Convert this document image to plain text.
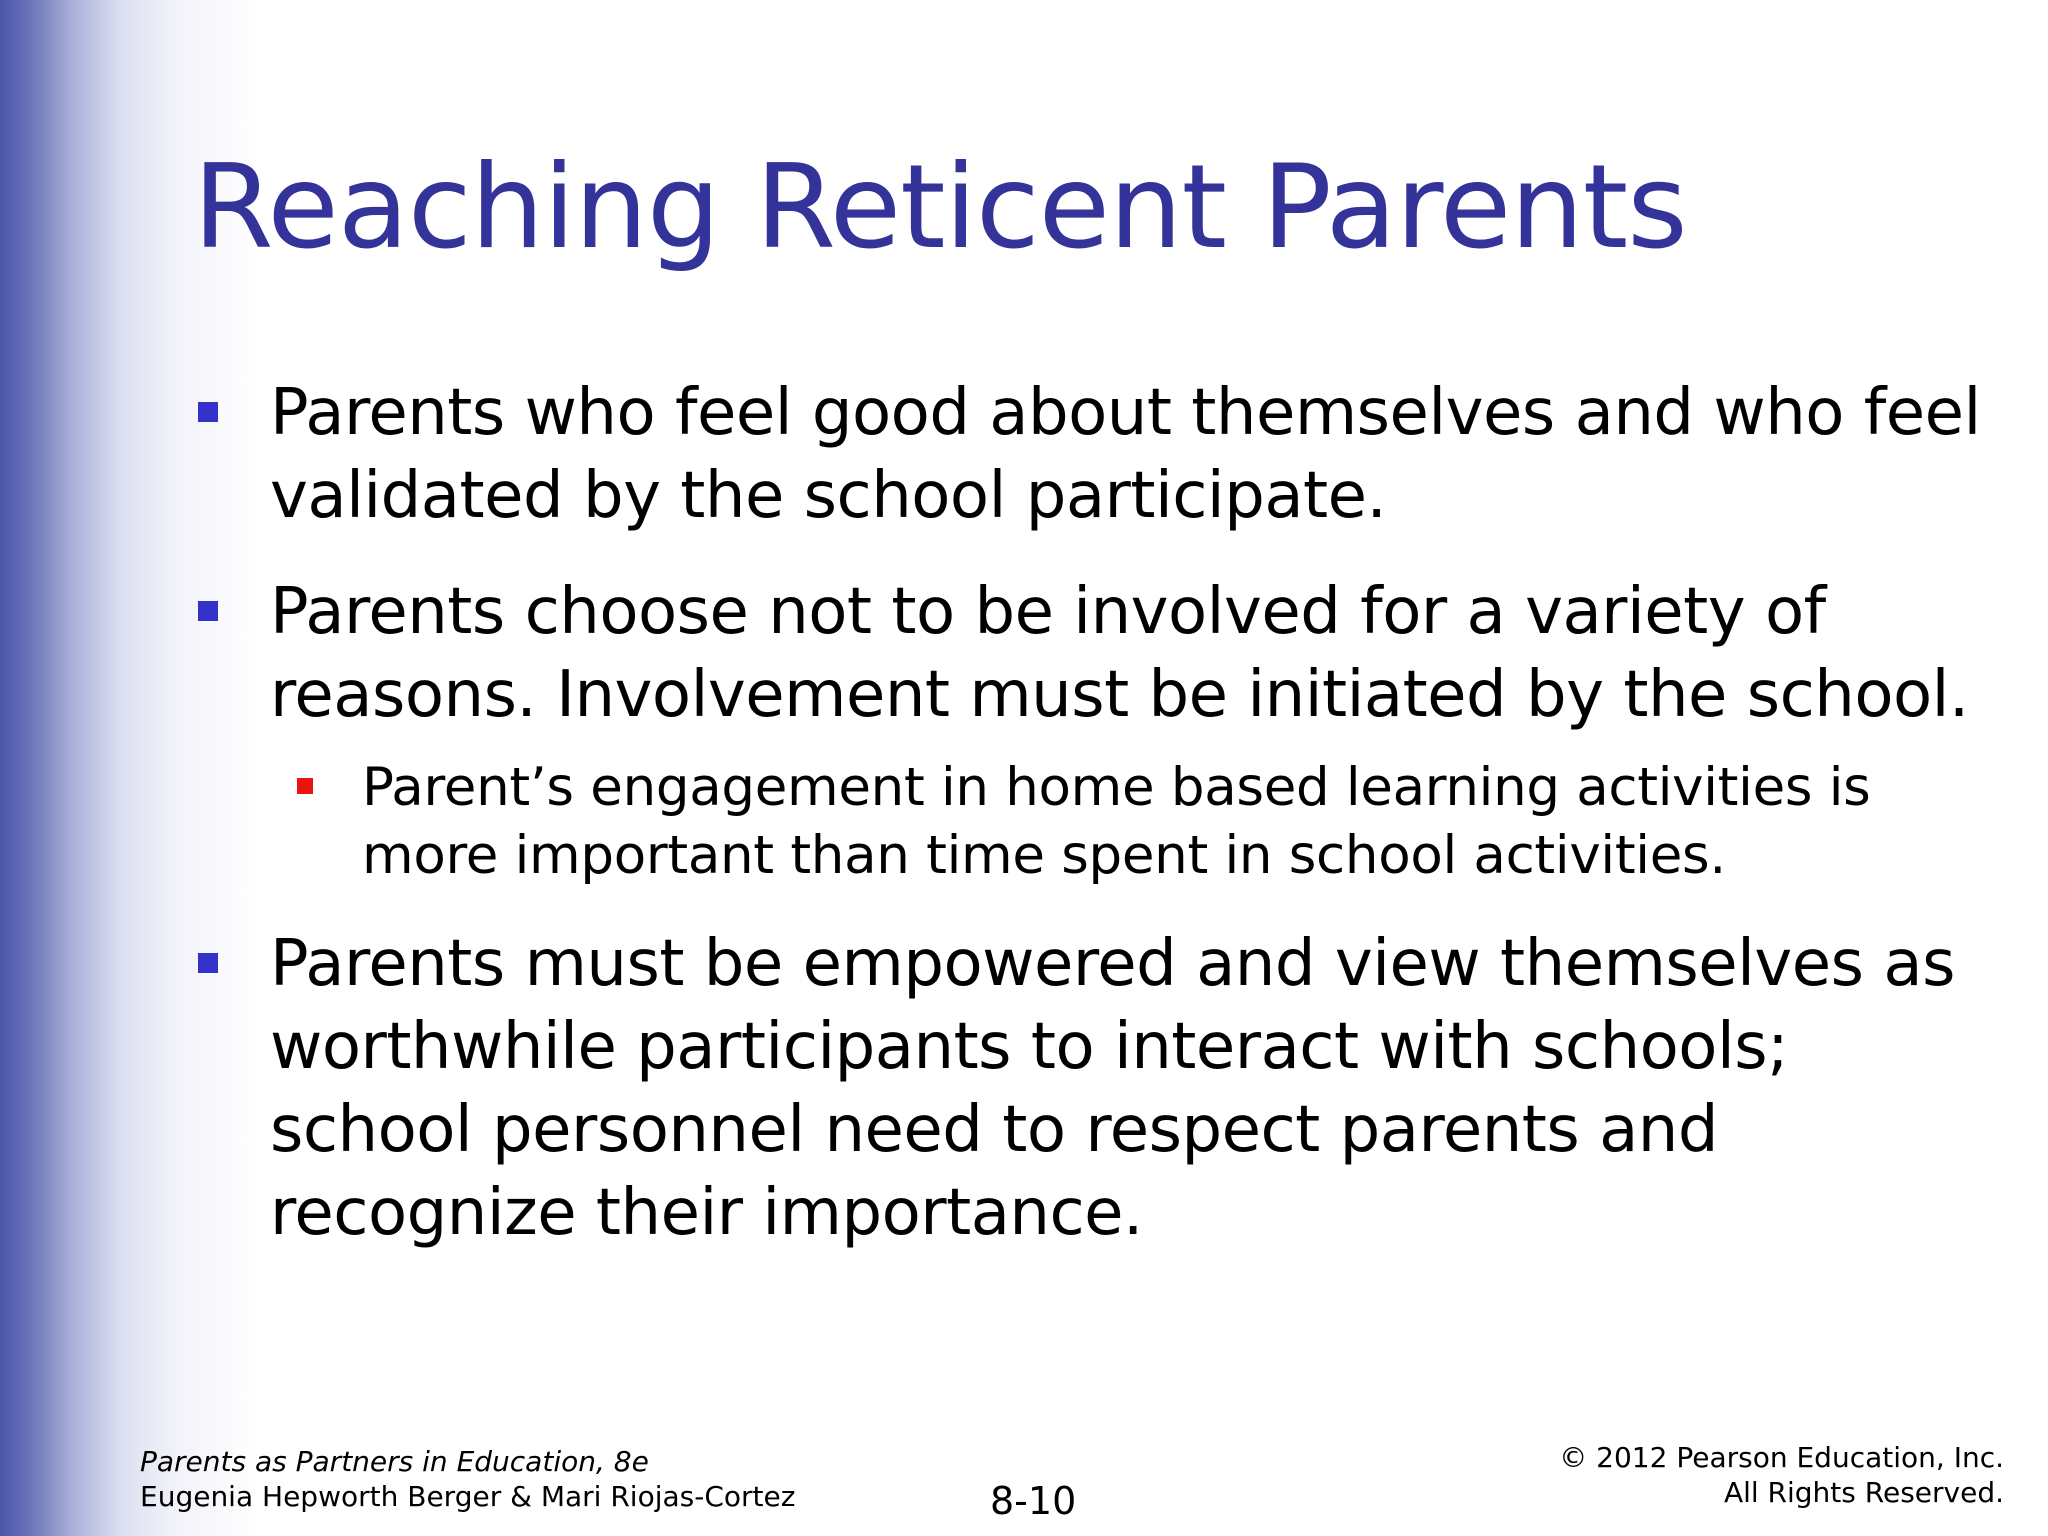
Reaching Reticent Parents
Parents who feel good about themselves and who feel validated by the school participate.
Parents choose not to be involved for a variety of reasons. Involvement must be initiated by the school.
Parent’s engagement in home based learning activities is more important than time spent in school activities.
Parents must be empowered and view themselves as worthwhile participants to interact with schools; school personnel need to respect parents and recognize their importance.
Parents as Partners in Education, 8e
Eugenia Hepworth Berger & Mari Riojas-Cortez	8-10
© 2012 Pearson Education, Inc.
All Rights Reserved.
